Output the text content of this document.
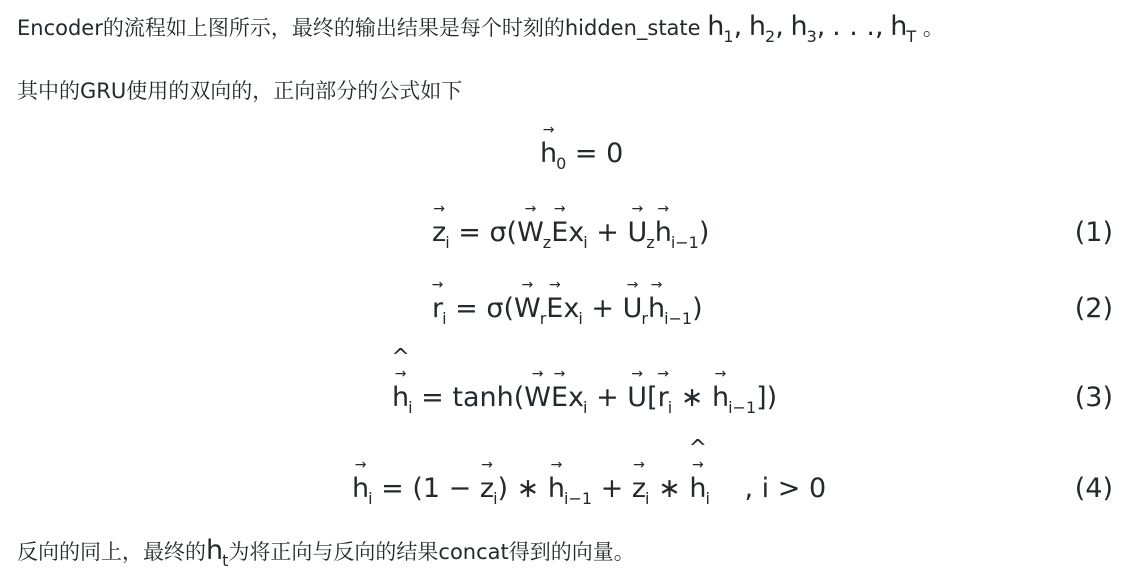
Encoder的流程如上图所示，最终的输出结果是每个时刻的hidden_state $h_1$, $h_2$, $h_3$, . . ., $h_T$ 。
其中的GRU使用的双向的，正向部分的公式如下
→
$h_0 = 0$
→
$z_i = \sigma$(
→
$W_z$
→
$Ex_i$ +
→
$U_z$
→
$h_{i-1}$)	(1)
→
$r_i = \sigma$(
→
$W_r$
→
$Ex_i$ +
→
$U_r$
→
$h_{i-1}$)	(2)
^
→
$h_i = \tanh$(
→
W
→
$Ex_i$ +
→
U[
→
$r_i$ ∗
→
$h_{i-1}$])	(3)
→
$h_i = (1$ −
→
$z_i$) ∗
→
$h_{i-1}$ +
→
$z_i$ ∗
^
→
$h_i$ , i > 0	(4)
反向的同上，最终的$h_t$为将正向与反向的结果concat得到的向量。
